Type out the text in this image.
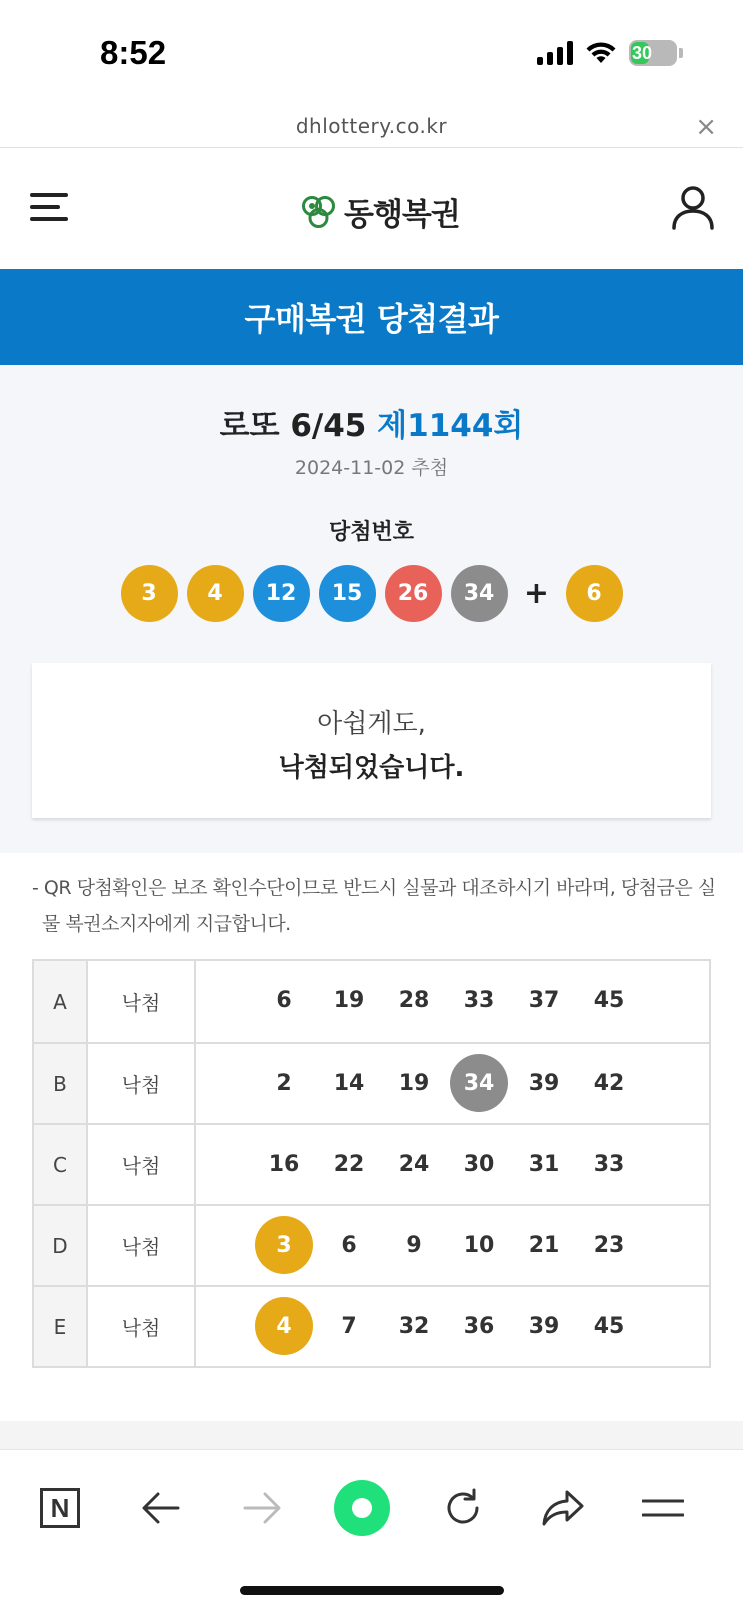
8:52	30
dhlottery.co.kr	×
동행복권
구매복권 당첨결과
로또 6/45 제1144회
2024-11-02 추첨
당첨번호
3	4	12	15	26	34 +	6
아쉽게도,
낙첨되었습니다.
- QR 당첨확인은 보조 확인수단이므로 반드시 실물과 대조하시기 바라며, 당첨금은 실물 복권소지자에게 지급합니다.
A	낙첨	6	19	28	33	37	45
B	낙첨	2	14	19	34	39	42
C	낙첨	16	22	24	30	31	33
D	낙첨	3	6	9	10	21	23
E	낙첨	4	7	32	36	39	45
N
